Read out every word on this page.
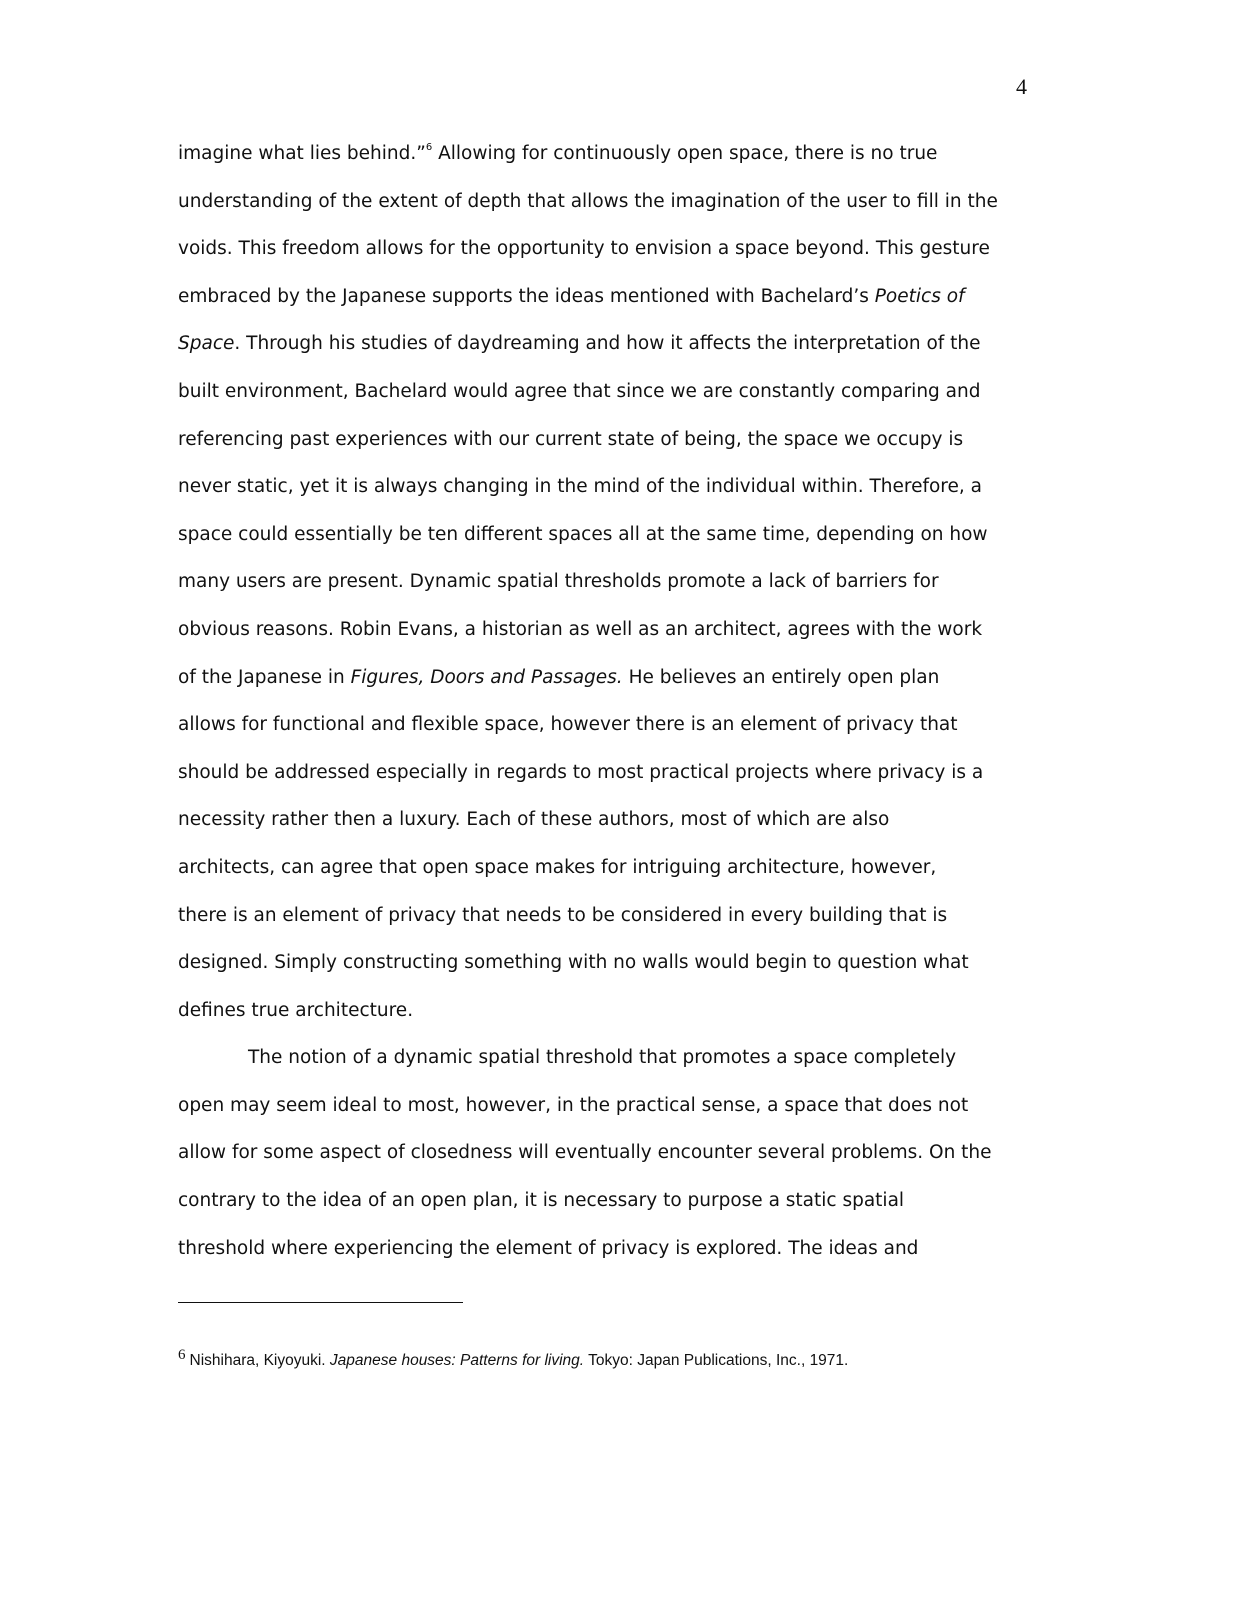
4
imagine what lies behind.”$^6$ Allowing for continuously open space, there is no true
understanding of the extent of depth that allows the imagination of the user to fill in the
voids. This freedom allows for the opportunity to envision a space beyond. This gesture
embraced by the Japanese supports the ideas mentioned with Bachelard’s Poetics of
Space. Through his studies of daydreaming and how it affects the interpretation of the
built environment, Bachelard would agree that since we are constantly comparing and
referencing past experiences with our current state of being, the space we occupy is
never static, yet it is always changing in the mind of the individual within. Therefore, a
space could essentially be ten different spaces all at the same time, depending on how
many users are present. Dynamic spatial thresholds promote a lack of barriers for
obvious reasons. Robin Evans, a historian as well as an architect, agrees with the work
of the Japanese in Figures, Doors and Passages. He believes an entirely open plan
allows for functional and flexible space, however there is an element of privacy that
should be addressed especially in regards to most practical projects where privacy is a
necessity rather then a luxury. Each of these authors, most of which are also
architects, can agree that open space makes for intriguing architecture, however,
there is an element of privacy that needs to be considered in every building that is
designed. Simply constructing something with no walls would begin to question what
defines true architecture.
The notion of a dynamic spatial threshold that promotes a space completely
open may seem ideal to most, however, in the practical sense, a space that does not
allow for some aspect of closedness will eventually encounter several problems. On the
contrary to the idea of an open plan, it is necessary to purpose a static spatial
threshold where experiencing the element of privacy is explored. The ideas and
6 Nishihara, Kiyoyuki. Japanese houses: Patterns for living. Tokyo: Japan Publications, Inc., 1971.
